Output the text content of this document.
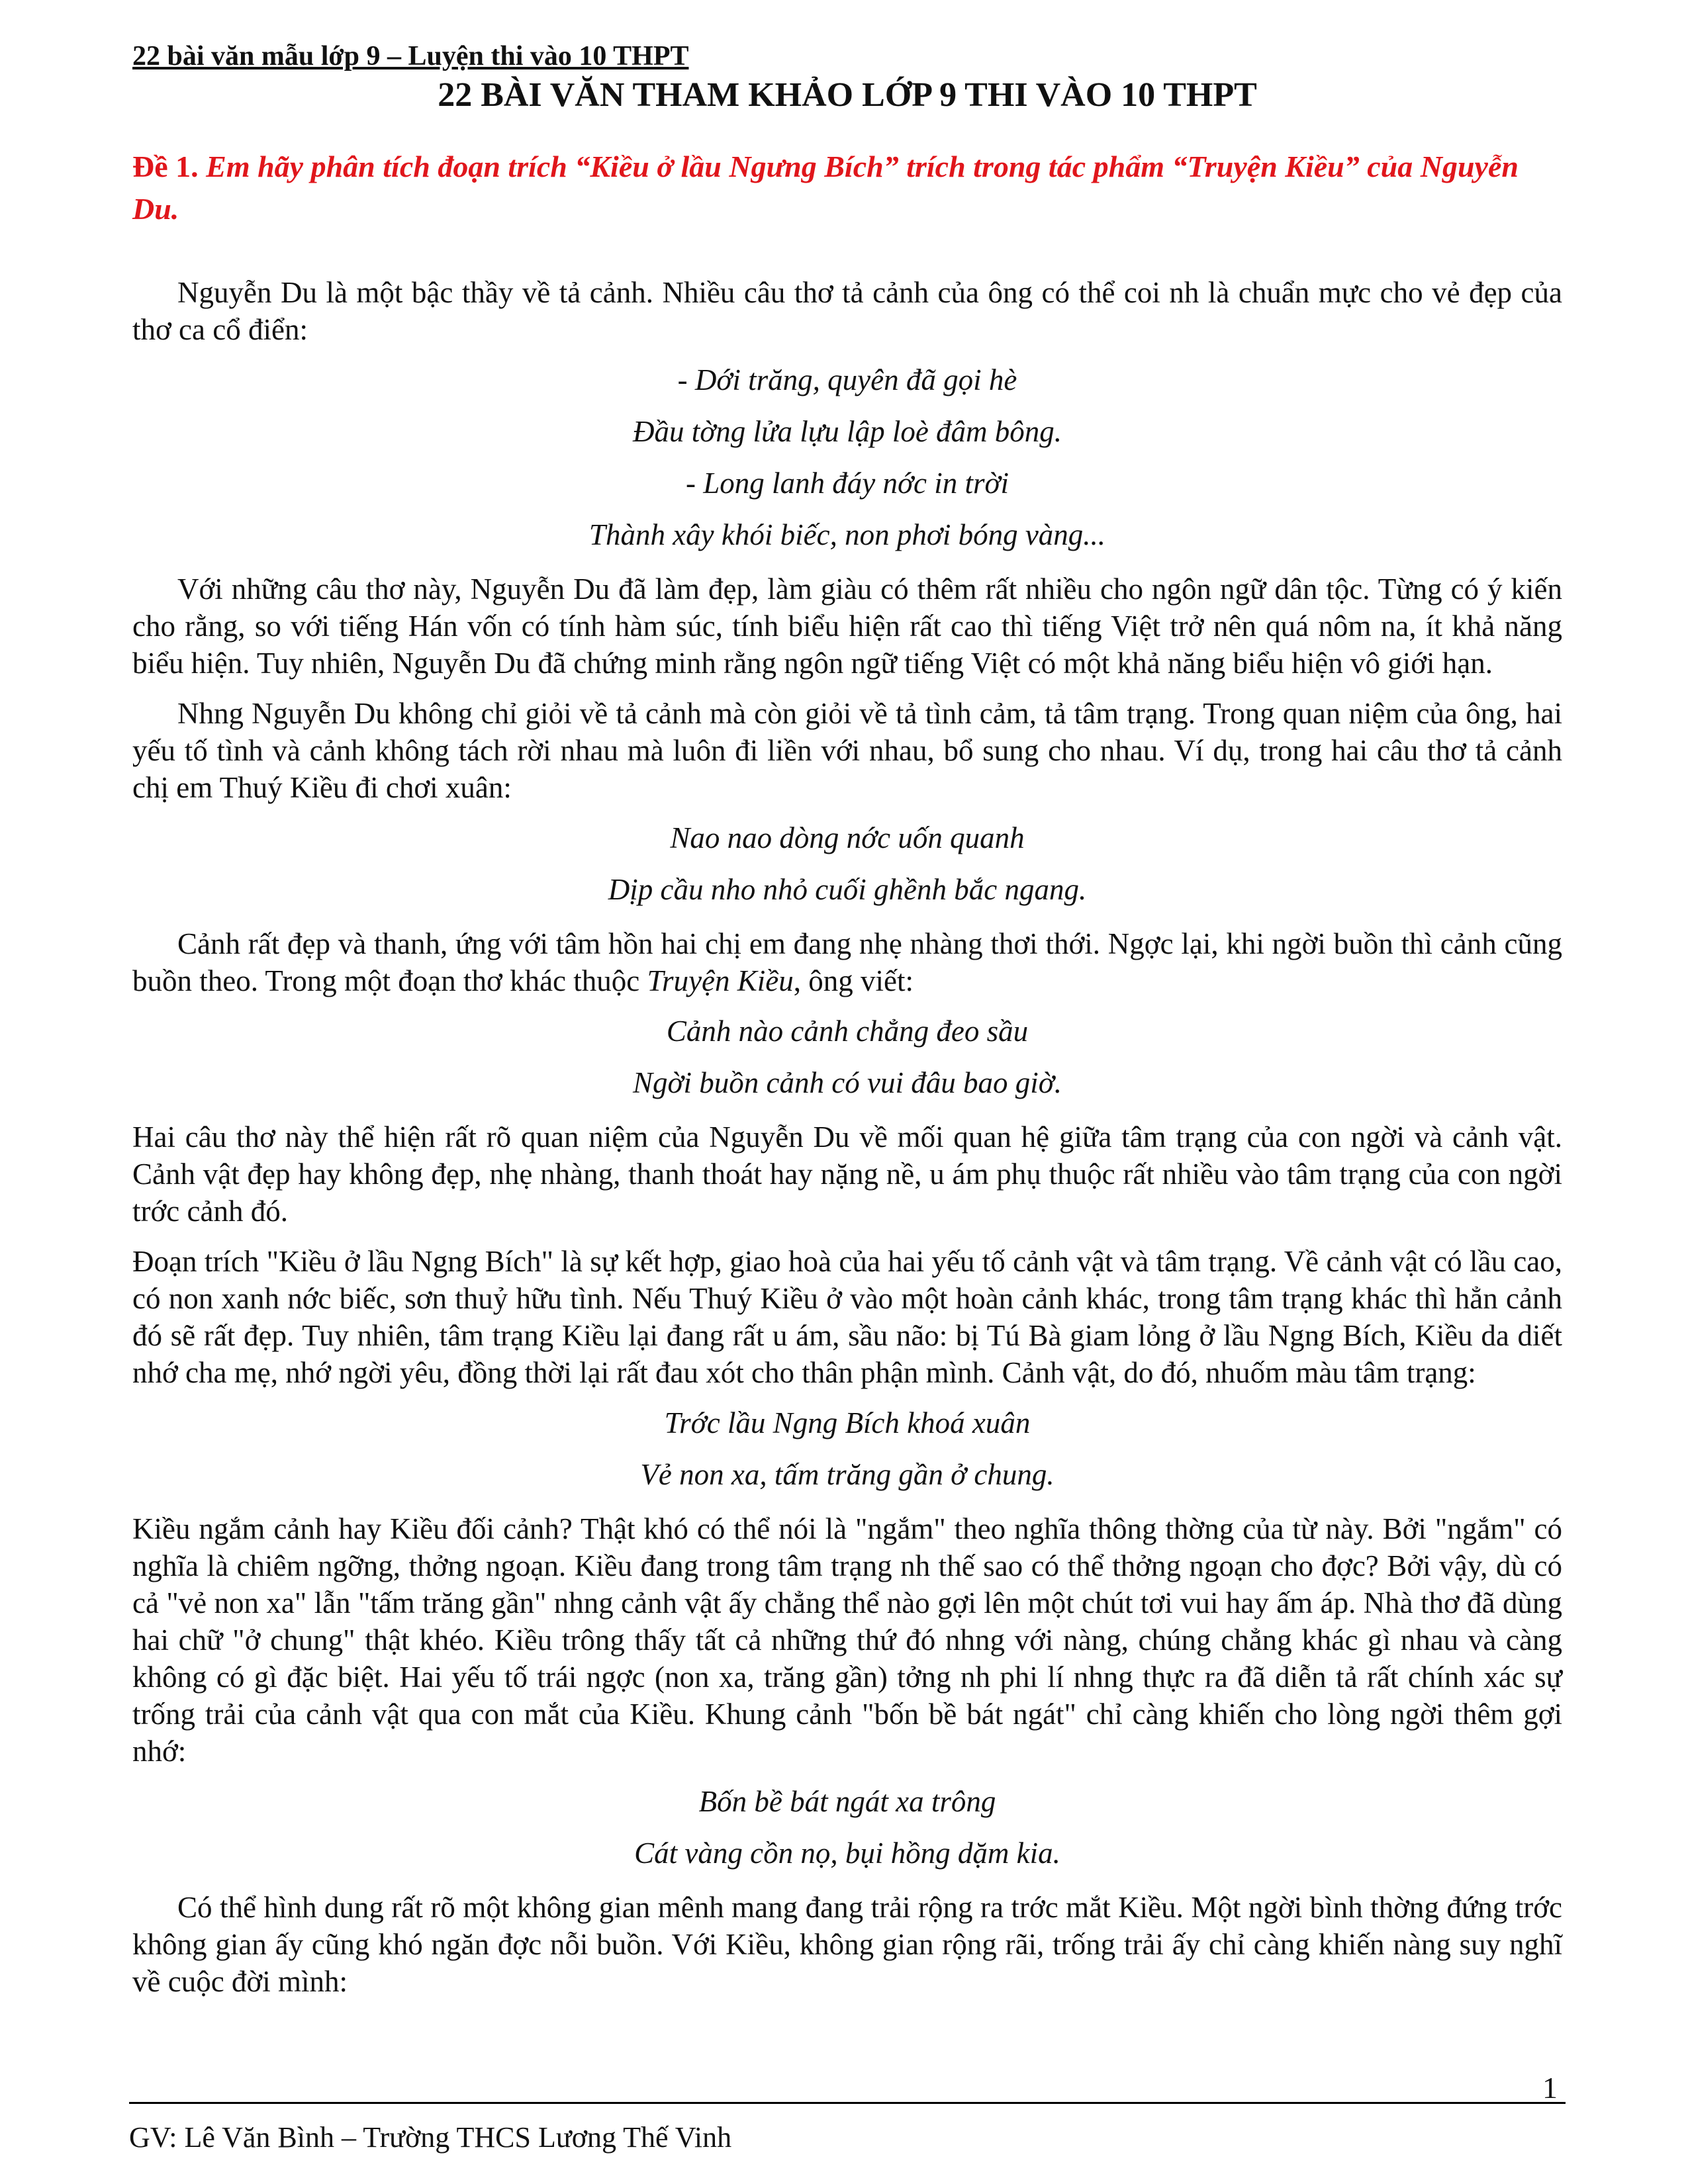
22 bài văn mẫu lớp 9 – Luyện thi vào 10 THPT

22 BÀI VĂN THAM KHẢO LỚP 9 THI VÀO 10 THPT

Đề 1. Em hãy phân tích đoạn trích “Kiều ở lầu Ngưng Bích” trích trong tác phẩm “Truyện Kiều” của Nguyễn Du.

Nguyễn Du là một bậc thầy về tả cảnh. Nhiều câu thơ tả cảnh của ông có thể coi nh là chuẩn mực cho vẻ đẹp của thơ ca cổ điển:

- Dới trăng, quyên đã gọi hè

Đầu tờng lửa lựu lập loè đâm bông.

- Long lanh đáy nớc in trời

Thành xây khói biếc, non phơi bóng vàng...

Với những câu thơ này, Nguyễn Du đã làm đẹp, làm giàu có thêm rất nhiều cho ngôn ngữ dân tộc. Từng có ý kiến cho rằng, so với tiếng Hán vốn có tính hàm súc, tính biểu hiện rất cao thì tiếng Việt trở nên quá nôm na, ít khả năng biểu hiện. Tuy nhiên, Nguyễn Du đã chứng minh rằng ngôn ngữ tiếng Việt có một khả năng biểu hiện vô giới hạn.

Nhng Nguyễn Du không chỉ giỏi về tả cảnh mà còn giỏi về tả tình cảm, tả tâm trạng. Trong quan niệm của ông, hai yếu tố tình và cảnh không tách rời nhau mà luôn đi liền với nhau, bổ sung cho nhau. Ví dụ, trong hai câu thơ tả cảnh chị em Thuý Kiều đi chơi xuân:

Nao nao dòng nớc uốn quanh

Dịp cầu nho nhỏ cuối ghềnh bắc ngang.

Cảnh rất đẹp và thanh, ứng với tâm hồn hai chị em đang nhẹ nhàng thơi thới. Ngợc lại, khi ngời buồn thì cảnh cũng buồn theo. Trong một đoạn thơ khác thuộc Truyện Kiều, ông viết:

Cảnh nào cảnh chẳng đeo sầu

Ngời buồn cảnh có vui đâu bao giờ.

Hai câu thơ này thể hiện rất rõ quan niệm của Nguyễn Du về mối quan hệ giữa tâm trạng của con ngời và cảnh vật. Cảnh vật đẹp hay không đẹp, nhẹ nhàng, thanh thoát hay nặng nề, u ám phụ thuộc rất nhiều vào tâm trạng của con ngời trớc cảnh đó.

Đoạn trích "Kiều ở lầu Ngng Bích" là sự kết hợp, giao hoà của hai yếu tố cảnh vật và tâm trạng. Về cảnh vật có lầu cao, có non xanh nớc biếc, sơn thuỷ hữu tình. Nếu Thuý Kiều ở vào một hoàn cảnh khác, trong tâm trạng khác thì hẳn cảnh đó sẽ rất đẹp. Tuy nhiên, tâm trạng Kiều lại đang rất u ám, sầu não: bị Tú Bà giam lỏng ở lầu Ngng Bích, Kiều da diết nhớ cha mẹ, nhớ ngời yêu, đồng thời lại rất đau xót cho thân phận mình. Cảnh vật, do đó, nhuốm màu tâm trạng:

Trớc lầu Ngng Bích khoá xuân

Vẻ non xa, tấm trăng gần ở chung.

Kiều ngắm cảnh hay Kiều đối cảnh? Thật khó có thể nói là "ngắm" theo nghĩa thông thờng của từ này. Bởi "ngắm" có nghĩa là chiêm ngỡng, thởng ngoạn. Kiều đang trong tâm trạng nh thế sao có thể thởng ngoạn cho đợc? Bởi vậy, dù có cả "vẻ non xa" lẫn "tấm trăng gần" nhng cảnh vật ấy chẳng thể nào gợi lên một chút tơi vui hay ấm áp. Nhà thơ đã dùng hai chữ "ở chung" thật khéo. Kiều trông thấy tất cả những thứ đó nhng với nàng, chúng chẳng khác gì nhau và càng không có gì đặc biệt. Hai yếu tố trái ngợc (non xa, trăng gần) tởng nh phi lí nhng thực ra đã diễn tả rất chính xác sự trống trải của cảnh vật qua con mắt của Kiều. Khung cảnh "bốn bề bát ngát" chỉ càng khiến cho lòng ngời thêm gợi nhớ:

Bốn bề bát ngát xa trông

Cát vàng cồn nọ, bụi hồng dặm kia.

Có thể hình dung rất rõ một không gian mênh mang đang trải rộng ra trớc mắt Kiều. Một ngời bình thờng đứng trớc không gian ấy cũng khó ngăn đợc nỗi buồn. Với Kiều, không gian rộng rãi, trống trải ấy chỉ càng khiến nàng suy nghĩ về cuộc đời mình:

1
GV: Lê Văn Bình – Trường THCS Lương Thế Vinh
